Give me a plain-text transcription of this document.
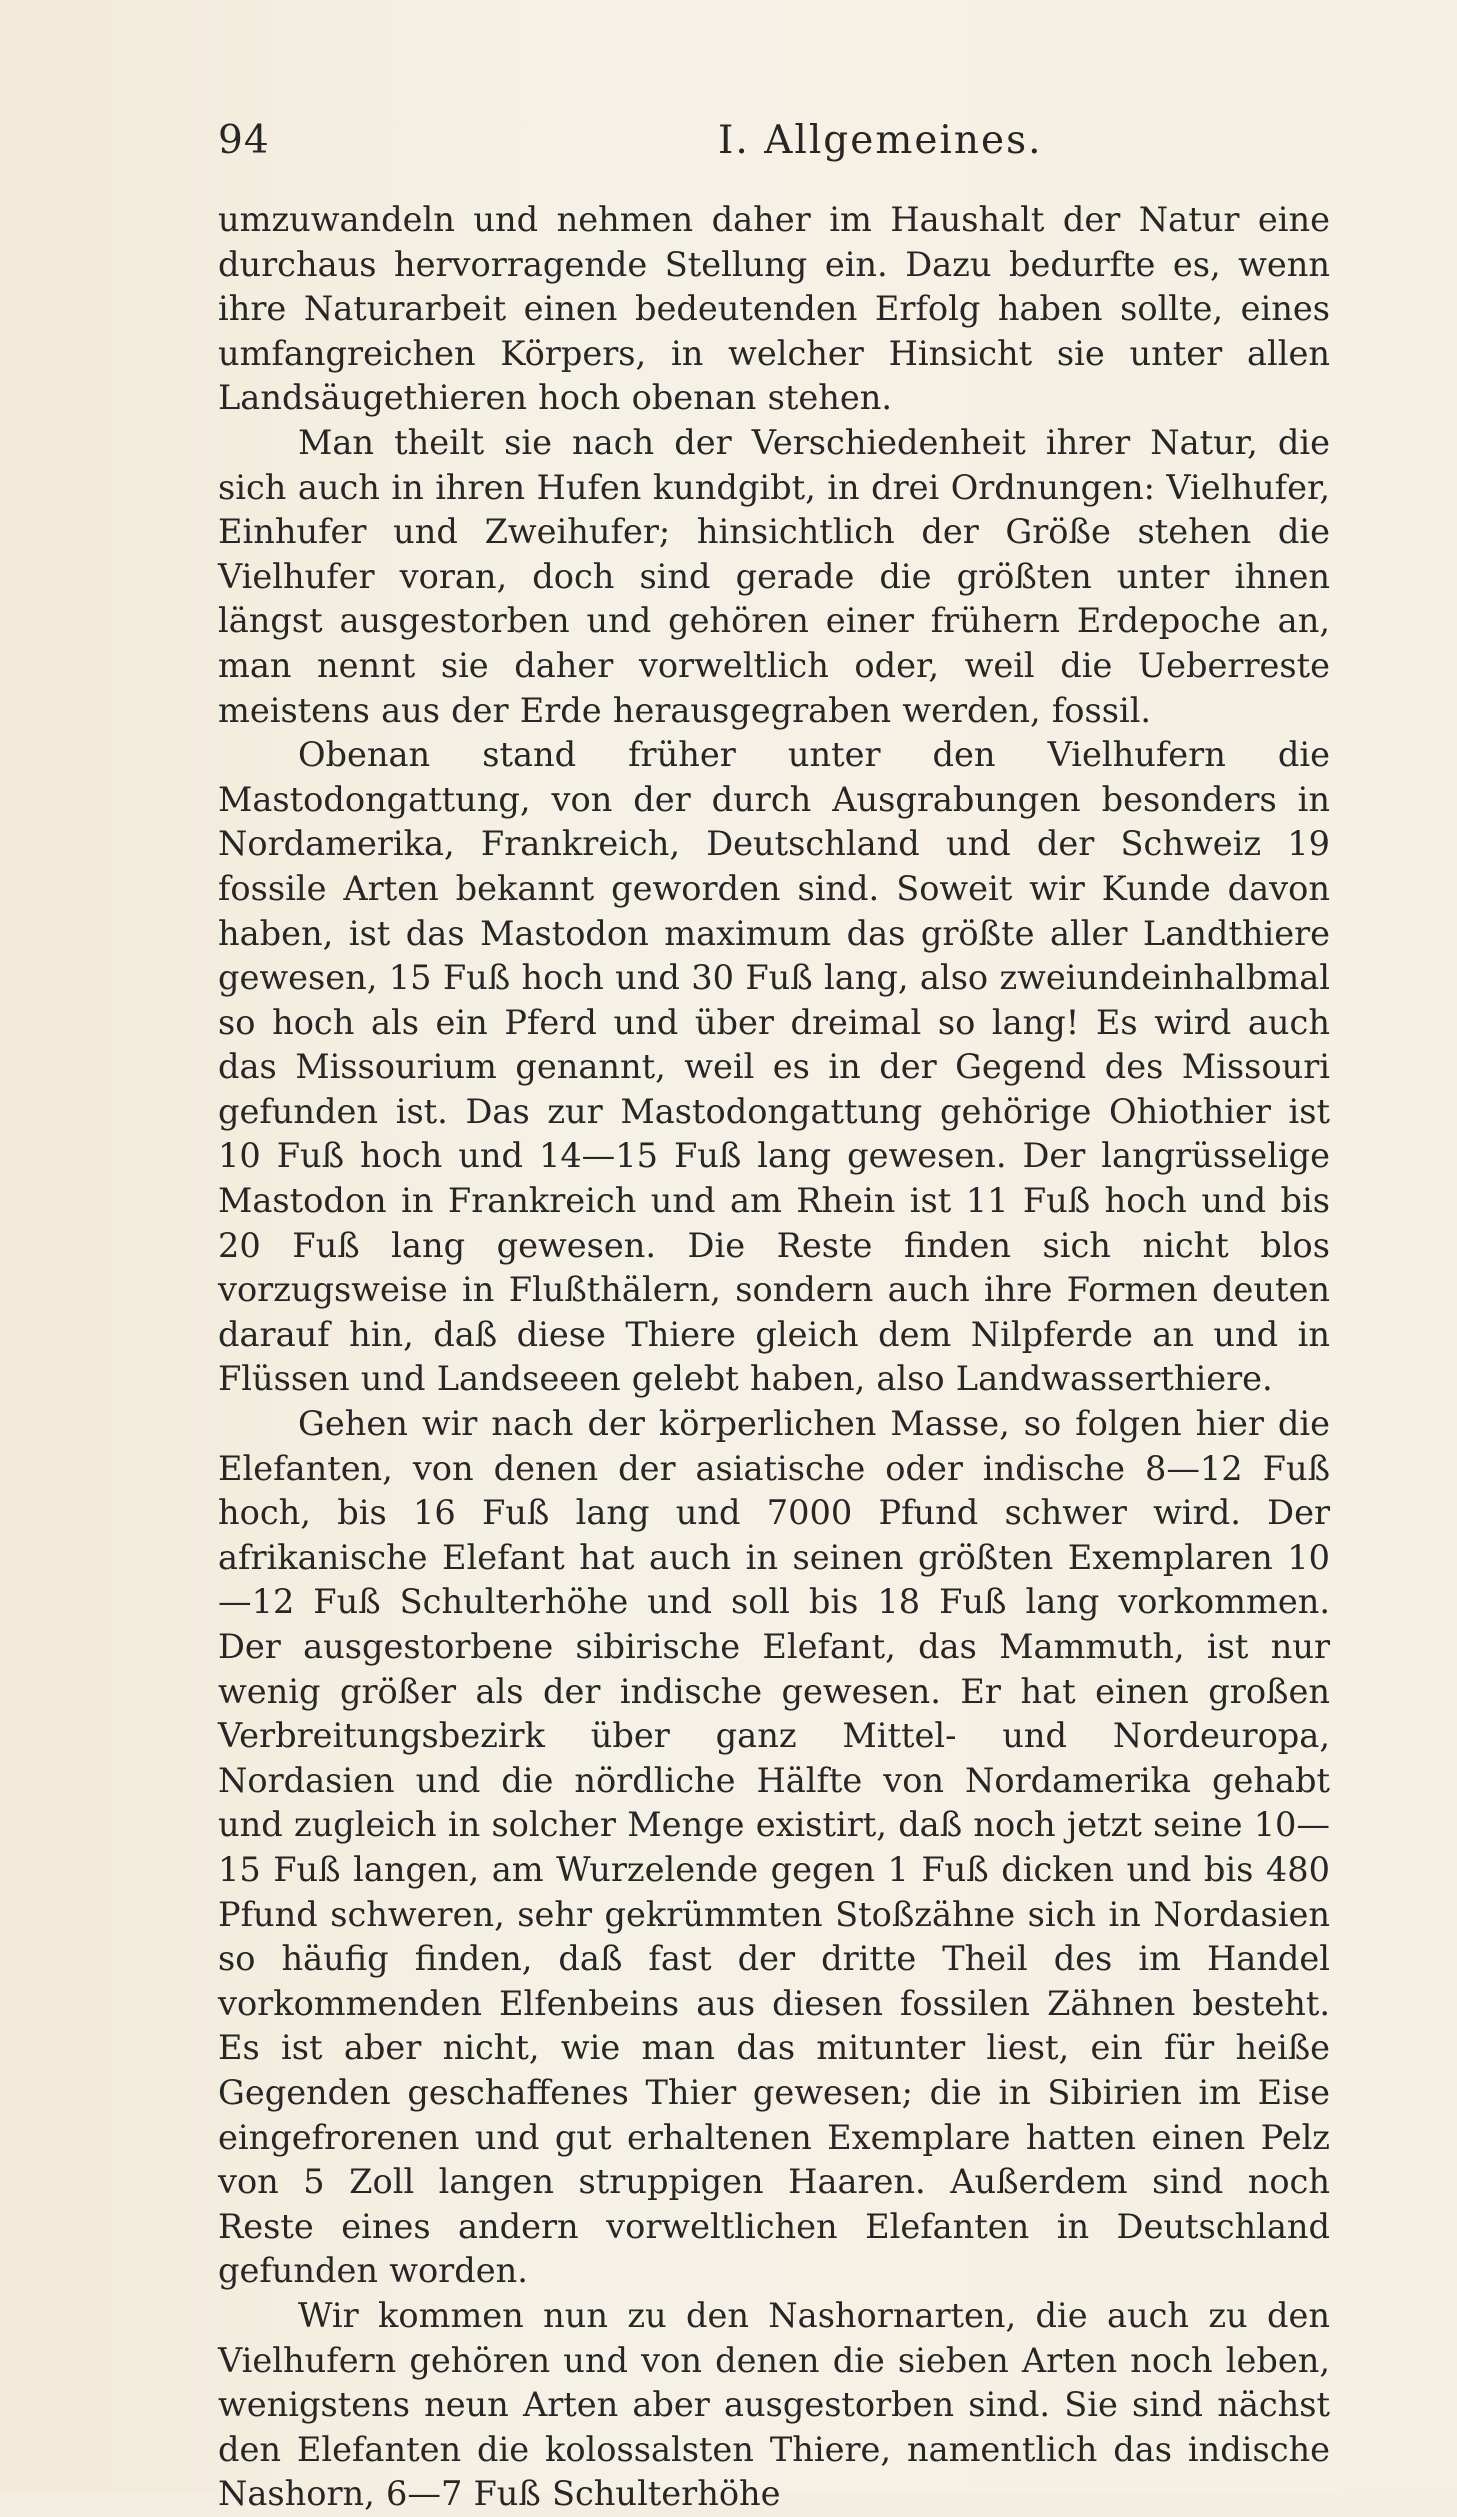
94	I. Allgemeines.

umzuwandeln und nehmen daher im Haushalt der Natur eine durchaus hervorragende Stellung ein. Dazu bedurfte es, wenn ihre Naturarbeit einen bedeutenden Erfolg haben sollte, eines umfangreichen Körpers, in welcher Hinsicht sie unter allen Landsäugethieren hoch obenan stehen.

Man theilt sie nach der Verschiedenheit ihrer Natur, die sich auch in ihren Hufen kundgibt, in drei Ordnungen: Vielhufer, Einhufer und Zweihufer; hinsichtlich der Größe stehen die Vielhufer voran, doch sind gerade die größten unter ihnen längst ausgestorben und gehören einer frühern Erdepoche an, man nennt sie daher vorweltlich oder, weil die Ueberreste meistens aus der Erde herausgegraben werden, fossil.

Obenan stand früher unter den Vielhufern die Mastodongattung, von der durch Ausgrabungen besonders in Nordamerika, Frankreich, Deutschland und der Schweiz 19 fossile Arten bekannt geworden sind. Soweit wir Kunde davon haben, ist das Mastodon maximum das größte aller Landthiere gewesen, 15 Fuß hoch und 30 Fuß lang, also zweiundeinhalbmal so hoch als ein Pferd und über dreimal so lang! Es wird auch das Missourium genannt, weil es in der Gegend des Missouri gefunden ist. Das zur Mastodongattung gehörige Ohiothier ist 10 Fuß hoch und 14—15 Fuß lang gewesen. Der langrüsselige Mastodon in Frankreich und am Rhein ist 11 Fuß hoch und bis 20 Fuß lang gewesen. Die Reste finden sich nicht blos vorzugsweise in Flußthälern, sondern auch ihre Formen deuten darauf hin, daß diese Thiere gleich dem Nilpferde an und in Flüssen und Landseeen gelebt haben, also Landwasserthiere.

Gehen wir nach der körperlichen Masse, so folgen hier die Elefanten, von denen der asiatische oder indische 8—12 Fuß hoch, bis 16 Fuß lang und 7000 Pfund schwer wird. Der afrikanische Elefant hat auch in seinen größten Exemplaren 10—12 Fuß Schulterhöhe und soll bis 18 Fuß lang vorkommen. Der ausgestorbene sibirische Elefant, das Mammuth, ist nur wenig größer als der indische gewesen. Er hat einen großen Verbreitungsbezirk über ganz Mittel- und Nordeuropa, Nordasien und die nördliche Hälfte von Nordamerika gehabt und zugleich in solcher Menge existirt, daß noch jetzt seine 10—15 Fuß langen, am Wurzelende gegen 1 Fuß dicken und bis 480 Pfund schweren, sehr gekrümmten Stoßzähne sich in Nordasien so häufig finden, daß fast der dritte Theil des im Handel vorkommenden Elfenbeins aus diesen fossilen Zähnen besteht. Es ist aber nicht, wie man das mitunter liest, ein für heiße Gegenden geschaffenes Thier gewesen; die in Sibirien im Eise eingefrorenen und gut erhaltenen Exemplare hatten einen Pelz von 5 Zoll langen struppigen Haaren. Außerdem sind noch Reste eines andern vorweltlichen Elefanten in Deutschland gefunden worden.

Wir kommen nun zu den Nashornarten, die auch zu den Vielhufern gehören und von denen die sieben Arten noch leben, wenigstens neun Arten aber ausgestorben sind. Sie sind nächst den Elefanten die kolossalsten Thiere, namentlich das indische Nashorn, 6—7 Fuß Schulterhöhe
